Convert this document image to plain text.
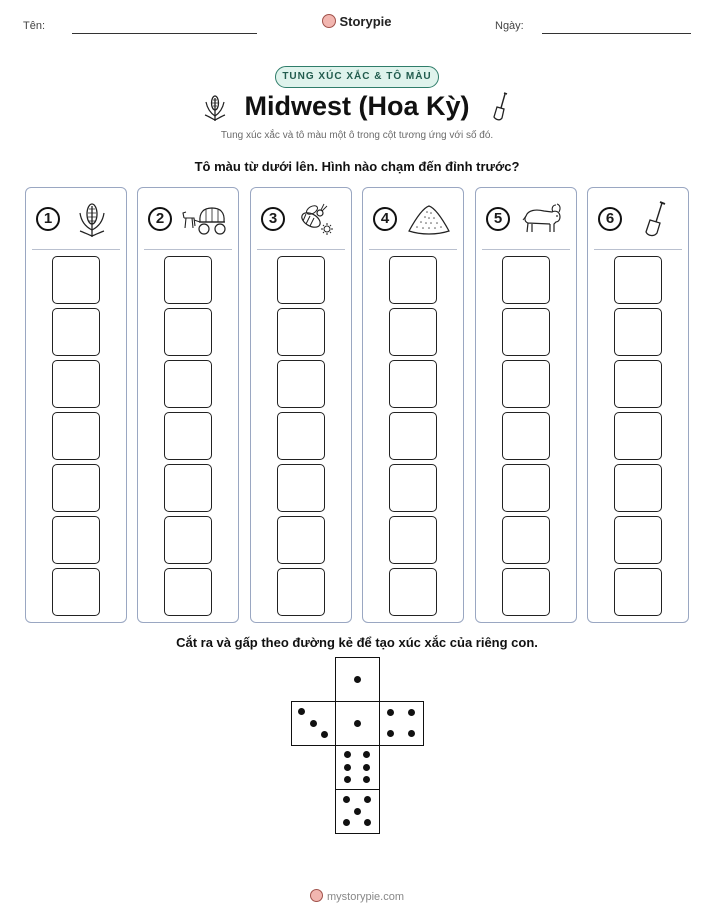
Tên:	Storypie	Ngày:
TUNG XÚC XẮC & TÔ MÀU
Midwest (Hoa Kỳ)
Tung xúc xắc và tô màu một ô trong cột tương ứng với số đó.
Tô màu từ dưới lên. Hình nào chạm đến đỉnh trước?
1	2	3	4	5	6
Cắt ra và gấp theo đường kẻ để tạo xúc xắc của riêng con.
mystorypie.com
